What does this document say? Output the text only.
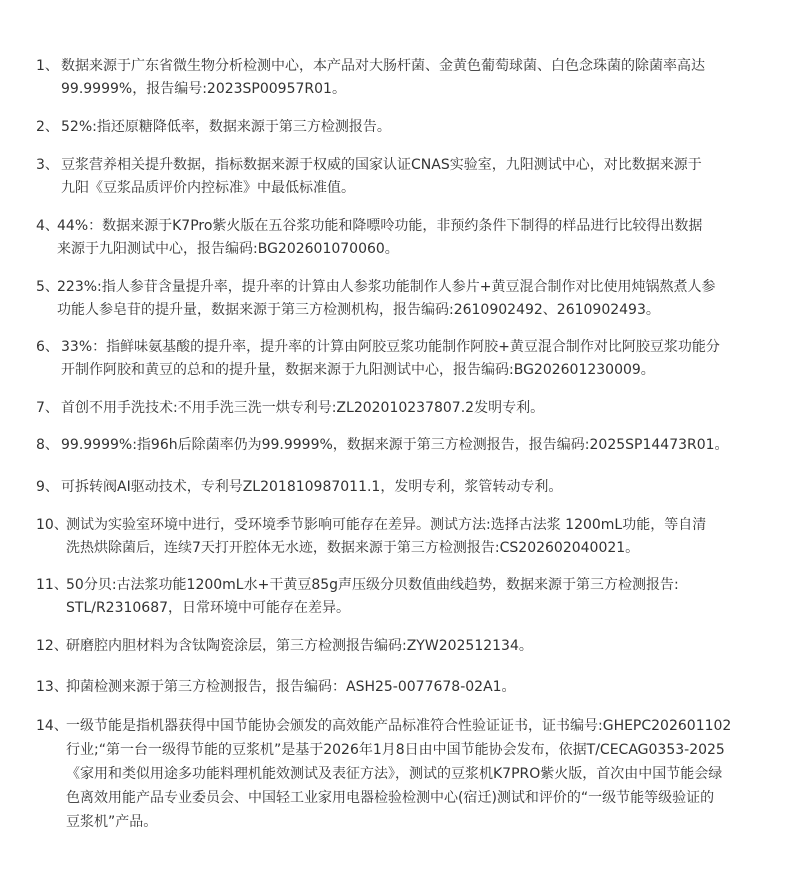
1、 数据来源于广东省微生物分析检测中心，本产品对大肠杆菌、金黄色葡萄球菌、白色念珠菌的除菌率高达
99.9999%，报告编号:2023SP00957R01。
2、 52%:指还原糖降低率，数据来源于第三方检测报告。
3、 豆浆营养相关提升数据，指标数据来源于权威的国家认证CNAS实验室，九阳测试中心，对比数据来源于
九阳《豆浆品质评价内控标准》中最低标准值。
4、44%：数据来源于K7Pro紫火版在五谷浆功能和降嘌呤功能，非预约条件下制得的样品进行比较得出数据
来源于九阳测试中心，报告编码:BG202601070060。
5、223%:指人参苷含量提升率，提升率的计算由人参浆功能制作人参片+黄豆混合制作对比使用炖锅熬煮人参
功能人参皂苷的提升量，数据来源于第三方检测机构，报告编码:2610902492、2610902493。
6、 33%：指鲜味氨基酸的提升率，提升率的计算由阿胶豆浆功能制作阿胶+黄豆混合制作对比阿胶豆浆功能分
开制作阿胶和黄豆的总和的提升量，数据来源于九阳测试中心，报告编码:BG202601230009。
7、 首创不用手洗技术:不用手洗三洗一烘专利号:ZL202010237807.2发明专利。
8、 99.9999%:指96h后除菌率仍为99.9999%，数据来源于第三方检测报告，报告编码:2025SP14473R01。
9、 可拆转阀AI驱动技术，专利号ZL201810987011.1，发明专利，浆管转动专利。
10、测试为实验室环境中进行，受环境季节影响可能存在差异。测试方法:选择古法浆 1200mL功能，等自清
洗热烘除菌后，连续7天打开腔体无水迹，数据来源于第三方检测报告:CS202602040021。
11、50分贝:古法浆功能1200mL水+干黄豆85g声压级分贝数值曲线趋势，数据来源于第三方检测报告:
STL/R2310687，日常环境中可能存在差异。
12、研磨腔内胆材料为含钛陶瓷涂层，第三方检测报告编码:ZYW202512134。
13、抑菌检测来源于第三方检测报告，报告编码：ASH25-0077678-02A1。
14、一级节能是指机器获得中国节能协会颁发的高效能产品标准符合性验证证书，证书编号:GHEPC202601102
行业;“第一台一级得节能的豆浆机”是基于2026年1月8日由中国节能协会发布，依据T/CECAG0353-2025
《家用和类似用途多功能料理机能效测试及表征方法》，测试的豆浆机K7PRO紫火版，首次由中国节能会绿
色离效用能产品专业委员会、中国轻工业家用电器检验检测中心(宿迁)测试和评价的“一级节能等级验证的
豆浆机”产品。
